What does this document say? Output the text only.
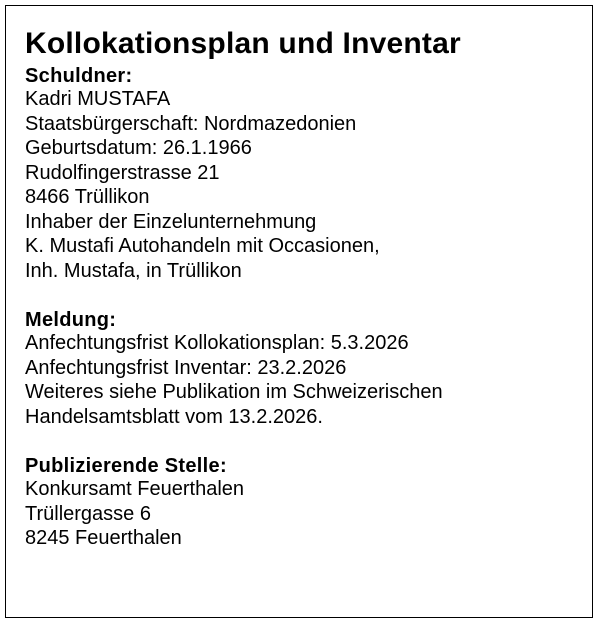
Kollokationsplan und Inventar
Schuldner:
Kadri MUSTAFA
Staatsbürgerschaft: Nordmazedonien
Geburtsdatum: 26.1.1966
Rudolfingerstrasse 21
8466 Trüllikon
Inhaber der Einzelunternehmung
K. Mustafi Autohandeln mit Occasionen,
Inh. Mustafa, in Trüllikon
Meldung:
Anfechtungsfrist Kollokationsplan: 5.3.2026
Anfechtungsfrist Inventar: 23.2.2026
Weiteres siehe Publikation im Schweizerischen
Handelsamtsblatt vom 13.2.2026.
Publizierende Stelle:
Konkursamt Feuerthalen
Trüllergasse 6
8245 Feuerthalen
